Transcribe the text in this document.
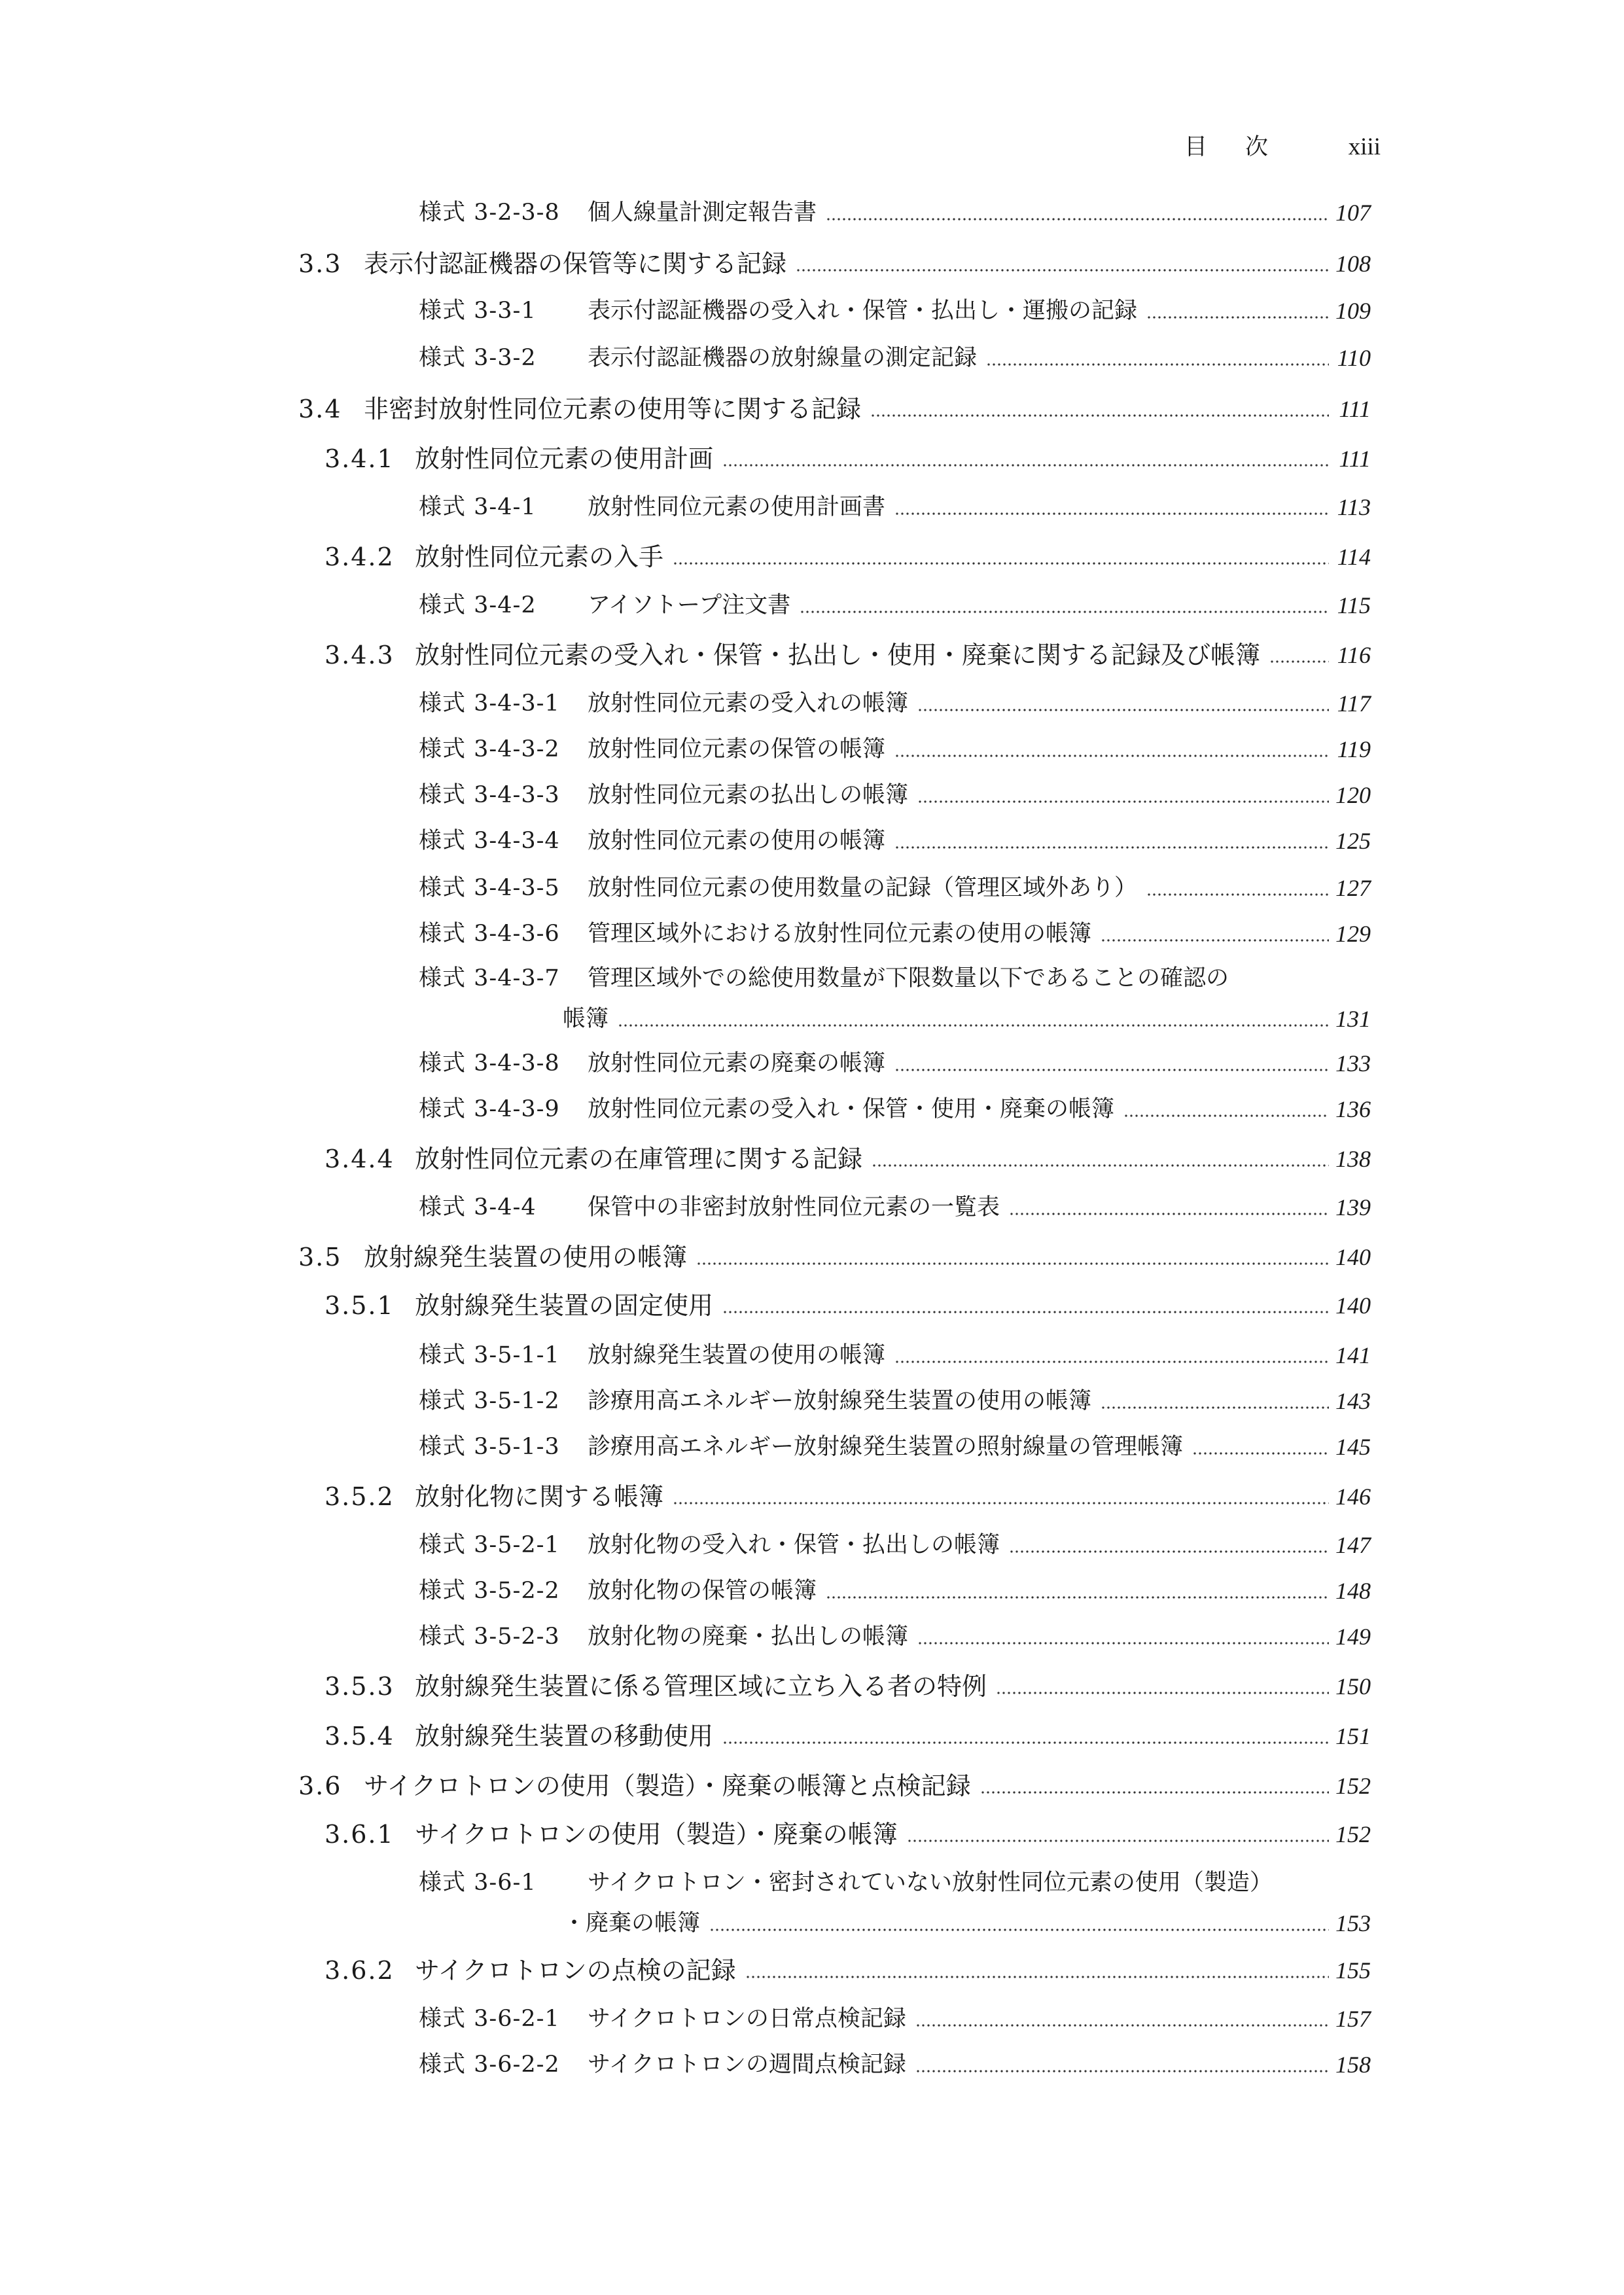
目次 xiii
様式 3-2-3-8	個人線量計測定報告書	107
3.3 表示付認証機器の保管等に関する記録	108
様式 3-3-1	表示付認証機器の受入れ・保管・払出し・運搬の記録	109
様式 3-3-2	表示付認証機器の放射線量の測定記録	110
3.4 非密封放射性同位元素の使用等に関する記録	111
3.4.1 放射性同位元素の使用計画	111
様式 3-4-1	放射性同位元素の使用計画書	113
3.4.2 放射性同位元素の入手	114
様式 3-4-2	アイソトープ注文書	115
3.4.3 放射性同位元素の受入れ・保管・払出し・使用・廃棄に関する記録及び帳簿	116
様式 3-4-3-1	放射性同位元素の受入れの帳簿	117
様式 3-4-3-2	放射性同位元素の保管の帳簿	119
様式 3-4-3-3	放射性同位元素の払出しの帳簿	120
様式 3-4-3-4	放射性同位元素の使用の帳簿	125
様式 3-4-3-5	放射性同位元素の使用数量の記録（管理区域外あり）	127
様式 3-4-3-6	管理区域外における放射性同位元素の使用の帳簿	129
様式 3-4-3-7	管理区域外での総使用数量が下限数量以下であることの確認の
帳簿	131
様式 3-4-3-8	放射性同位元素の廃棄の帳簿	133
様式 3-4-3-9	放射性同位元素の受入れ・保管・使用・廃棄の帳簿	136
3.4.4 放射性同位元素の在庫管理に関する記録	138
様式 3-4-4	保管中の非密封放射性同位元素の一覧表	139
3.5 放射線発生装置の使用の帳簿	140
3.5.1 放射線発生装置の固定使用	140
様式 3-5-1-1	放射線発生装置の使用の帳簿	141
様式 3-5-1-2	診療用高エネルギー放射線発生装置の使用の帳簿	143
様式 3-5-1-3	診療用高エネルギー放射線発生装置の照射線量の管理帳簿	145
3.5.2 放射化物に関する帳簿	146
様式 3-5-2-1	放射化物の受入れ・保管・払出しの帳簿	147
様式 3-5-2-2	放射化物の保管の帳簿	148
様式 3-5-2-3	放射化物の廃棄・払出しの帳簿	149
3.5.3 放射線発生装置に係る管理区域に立ち入る者の特例	150
3.5.4 放射線発生装置の移動使用	151
3.6 サイクロトロンの使用（製造）・廃棄の帳簿と点検記録	152
3.6.1 サイクロトロンの使用（製造）・廃棄の帳簿	152
様式 3-6-1	サイクロトロン・密封されていない放射性同位元素の使用（製造）
・廃棄の帳簿	153
3.6.2 サイクロトロンの点検の記録	155
様式 3-6-2-1	サイクロトロンの日常点検記録	157
様式 3-6-2-2	サイクロトロンの週間点検記録	158
